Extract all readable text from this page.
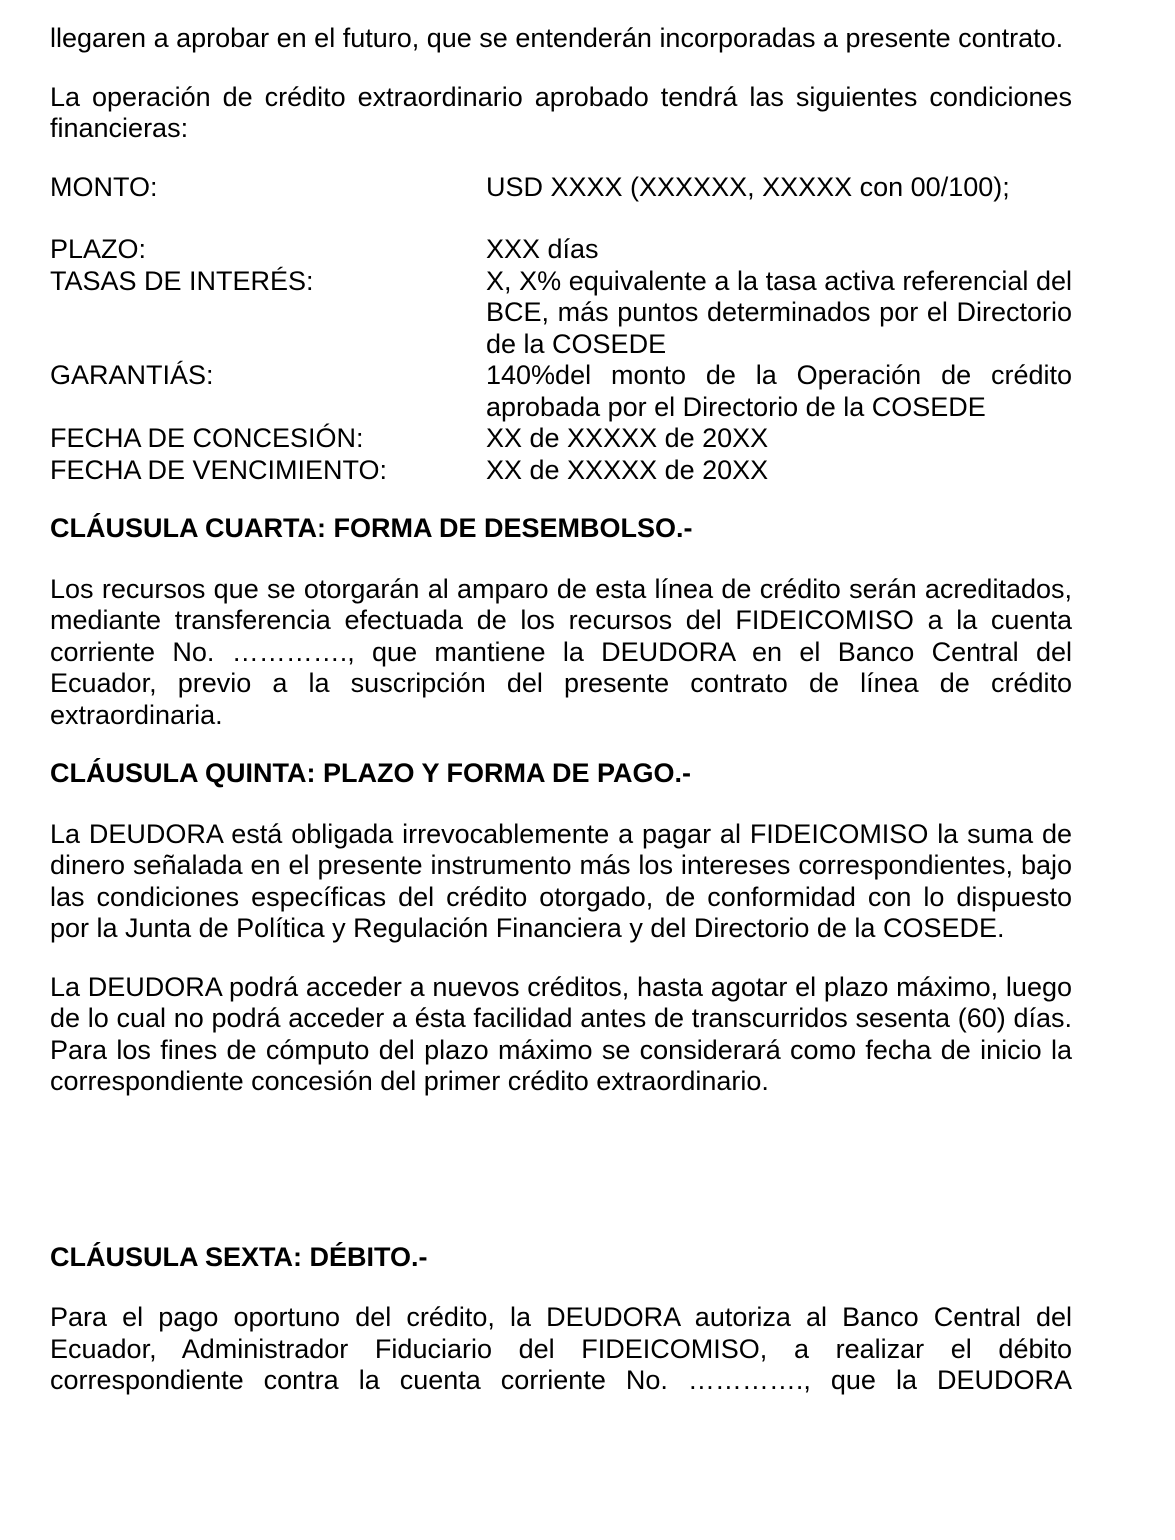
llegaren a aprobar en el futuro, que se entenderán incorporadas a presente contrato.

La operación de crédito extraordinario aprobado tendrá las siguientes condiciones financieras:

MONTO:	USD XXXX (XXXXXX, XXXXX con 00/100);
PLAZO:	XXX días
TASAS DE INTERÉS:	X, X% equivalente a la tasa activa referencial del BCE, más puntos determinados por el Directorio de la COSEDE
GARANTIÁS:	140%del monto de la Operación de crédito aprobada por el Directorio de la COSEDE
FECHA DE CONCESIÓN:	XX de XXXXX de 20XX
FECHA DE VENCIMIENTO:	XX de XXXXX de 20XX

CLÁUSULA CUARTA: FORMA DE DESEMBOLSO.-

Los recursos que se otorgarán al amparo de esta línea de crédito serán acreditados, mediante transferencia efectuada de los recursos del FIDEICOMISO a la cuenta corriente No. …………., que mantiene la DEUDORA en el Banco Central del Ecuador, previo a la suscripción del presente contrato de línea de crédito extraordinaria.

CLÁUSULA QUINTA: PLAZO Y FORMA DE PAGO.-

La DEUDORA está obligada irrevocablemente a pagar al FIDEICOMISO la suma de dinero señalada en el presente instrumento más los intereses correspondientes, bajo las condiciones específicas del crédito otorgado, de conformidad con lo dispuesto por la Junta de Política y Regulación Financiera y del Directorio de la COSEDE.

La DEUDORA podrá acceder a nuevos créditos, hasta agotar el plazo máximo, luego de lo cual no podrá acceder a ésta facilidad antes de transcurridos sesenta (60) días. Para los fines de cómputo del plazo máximo se considerará como fecha de inicio la correspondiente concesión del primer crédito extraordinario.

CLÁUSULA SEXTA: DÉBITO.-

Para el pago oportuno del crédito, la DEUDORA autoriza al Banco Central del Ecuador, Administrador Fiduciario del FIDEICOMISO, a realizar el débito correspondiente contra la cuenta corriente No. …………., que la DEUDORA
